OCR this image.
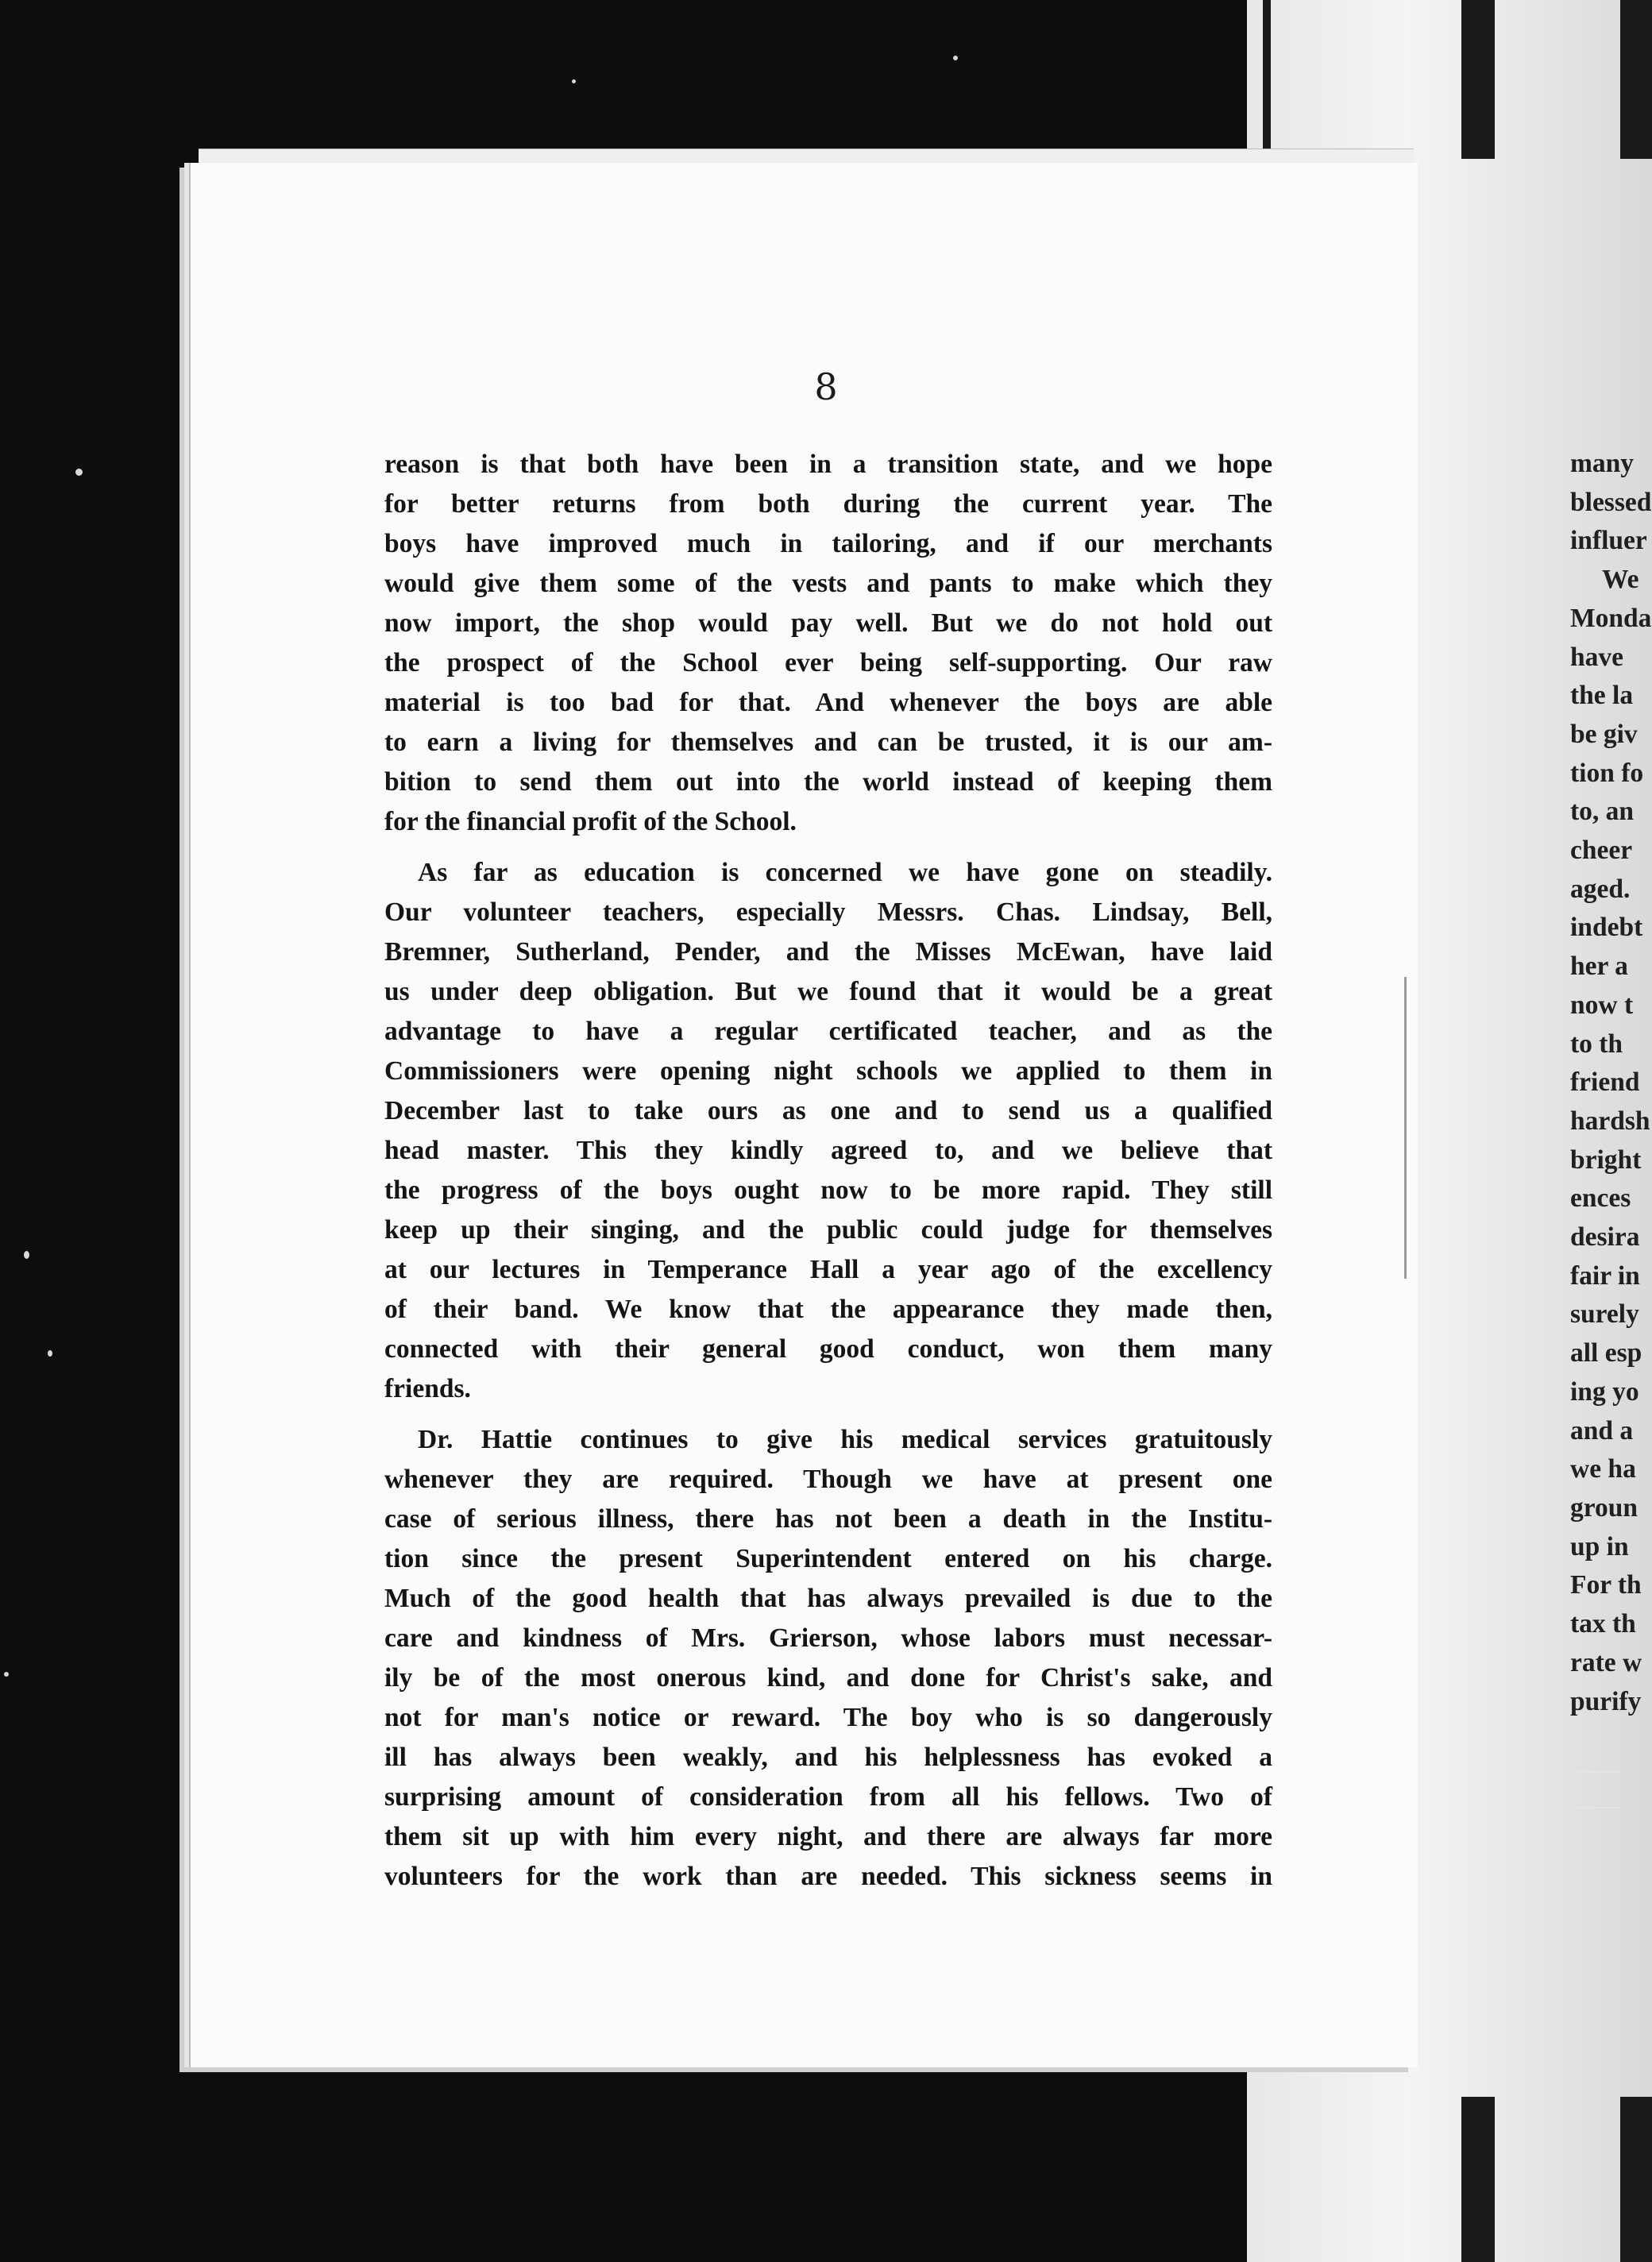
many
blessed
influer
We
Monda
have
the la
be giv
tion fo
to, an
cheer
aged.
indebt
her a
now t
to th
friend
hardsh
bright
ences
desira
fair in
surely
all esp
ing yo
and a
we ha
groun
up in
For th
tax th
rate w
purify
8
reason is that both have been in a transition state, and we hope
for better returns from both during the current year. The
boys have improved much in tailoring, and if our merchants
would give them some of the vests and pants to make which they
now import, the shop would pay well. But we do not hold out
the prospect of the School ever being self-supporting. Our raw
material is too bad for that. And whenever the boys are able
to earn a living for themselves and can be trusted, it is our am-
bition to send them out into the world instead of keeping them
for the financial profit of the School.
As far as education is concerned we have gone on steadily.
Our volunteer teachers, especially Messrs. Chas. Lindsay, Bell,
Bremner, Sutherland, Pender, and the Misses McEwan, have laid
us under deep obligation. But we found that it would be a great
advantage to have a regular certificated teacher, and as the
Commissioners were opening night schools we applied to them in
December last to take ours as one and to send us a qualified
head master. This they kindly agreed to, and we believe that
the progress of the boys ought now to be more rapid. They still
keep up their singing, and the public could judge for themselves
at our lectures in Temperance Hall a year ago of the excellency
of their band. We know that the appearance they made then,
connected with their general good conduct, won them many
friends.
Dr. Hattie continues to give his medical services gratuitously
whenever they are required. Though we have at present one
case of serious illness, there has not been a death in the Institu-
tion since the present Superintendent entered on his charge.
Much of the good health that has always prevailed is due to the
care and kindness of Mrs. Grierson, whose labors must necessar-
ily be of the most onerous kind, and done for Christ's sake, and
not for man's notice or reward. The boy who is so dangerously
ill has always been weakly, and his helplessness has evoked a
surprising amount of consideration from all his fellows. Two of
them sit up with him every night, and there are always far more
volunteers for the work than are needed. This sickness seems in
